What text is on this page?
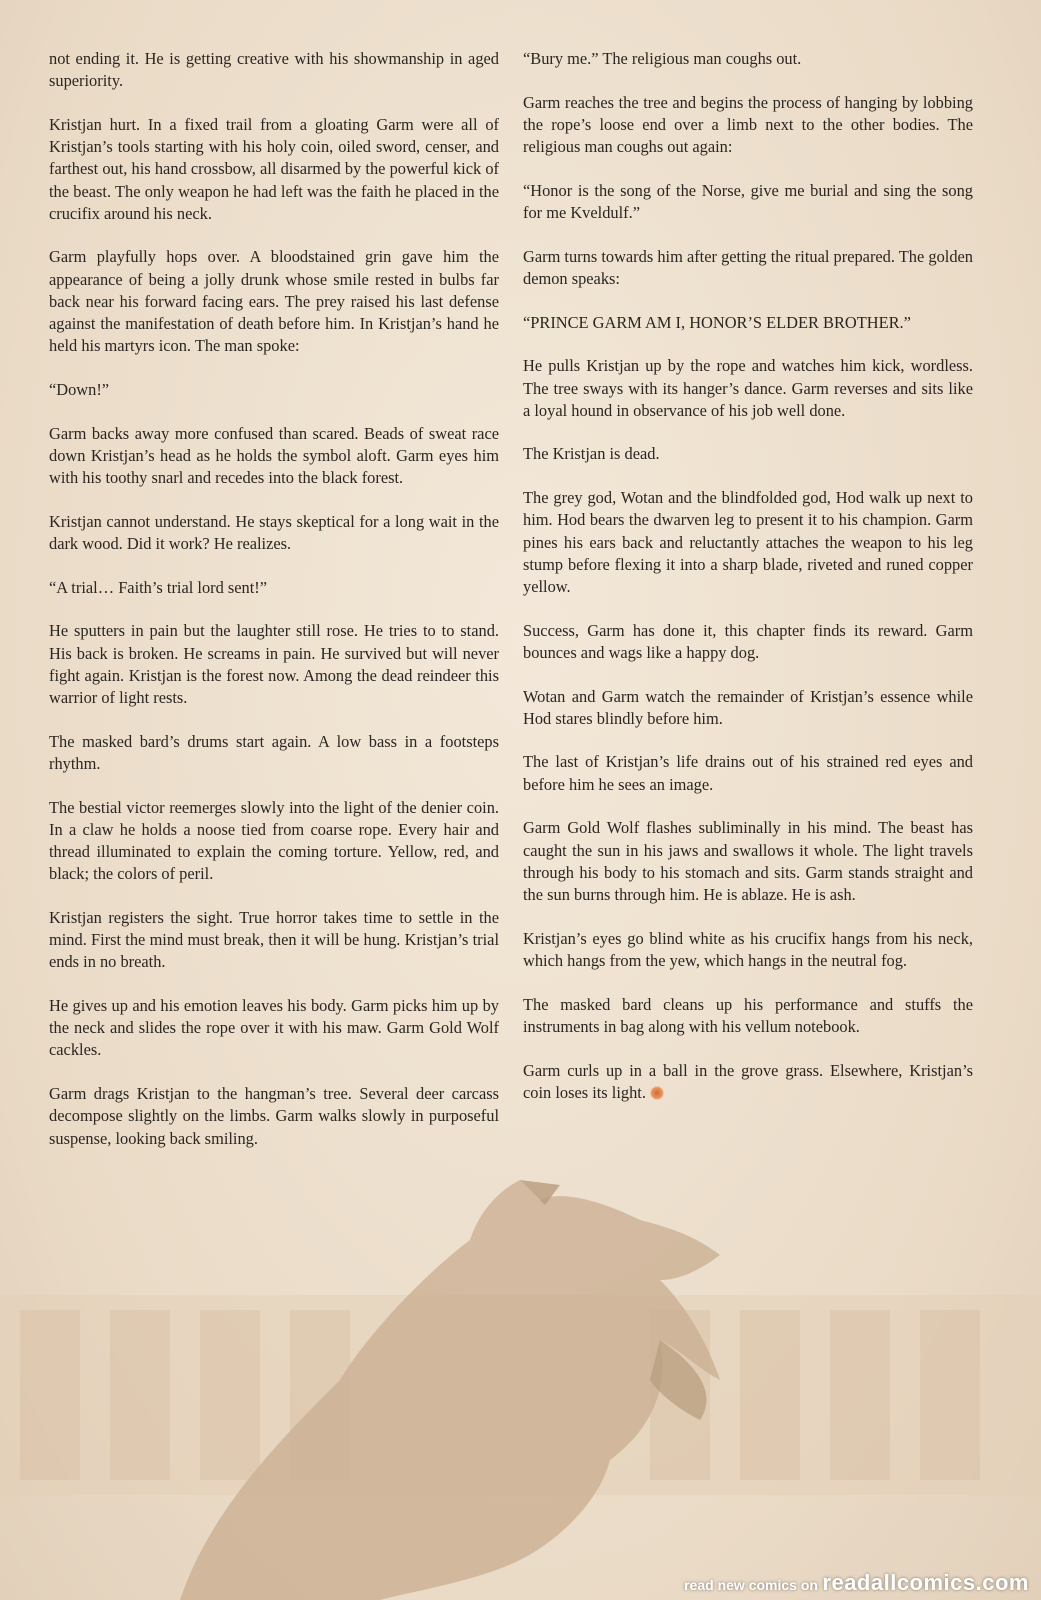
not ending it. He is getting creative with his showmanship in aged superiority.

Kristjan hurt. In a fixed trail from a gloating Garm were all of Kristjan’s tools starting with his holy coin, oiled sword, censer, and farthest out, his hand crossbow, all disarmed by the powerful kick of the beast. The only weapon he had left was the faith he placed in the crucifix around his neck.

Garm playfully hops over. A bloodstained grin gave him the appearance of being a jolly drunk whose smile rested in bulbs far back near his forward facing ears. The prey raised his last defense against the manifestation of death before him. In Kristjan’s hand he held his martyrs icon. The man spoke:

“Down!”

Garm backs away more confused than scared. Beads of sweat race down Kristjan’s head as he holds the symbol aloft. Garm eyes him with his toothy snarl and recedes into the black forest.

Kristjan cannot understand. He stays skeptical for a long wait in the dark wood. Did it work? He realizes.

“A trial… Faith’s trial lord sent!”

He sputters in pain but the laughter still rose. He tries to to stand. His back is broken. He screams in pain. He survived but will never fight again. Kristjan is the forest now. Among the dead reindeer this warrior of light rests.

The masked bard’s drums start again. A low bass in a footsteps rhythm.

The bestial victor reemerges slowly into the light of the denier coin. In a claw he holds a noose tied from coarse rope. Every hair and thread illuminated to explain the coming torture. Yellow, red, and black; the colors of peril.

Kristjan registers the sight. True horror takes time to settle in the mind. First the mind must break, then it will be hung. Kristjan’s trial ends in no breath.

He gives up and his emotion leaves his body. Garm picks him up by the neck and slides the rope over it with his maw. Garm Gold Wolf cackles.

Garm drags Kristjan to the hangman’s tree. Several deer carcass decompose slightly on the limbs. Garm walks slowly in purposeful suspense, looking back smiling.

“Bury me.” The religious man coughs out.

Garm reaches the tree and begins the process of hanging by lobbing the rope’s loose end over a limb next to the other bodies. The religious man coughs out again:

“Honor is the song of the Norse, give me burial and sing the song for me Kveldulf.”

Garm turns towards him after getting the ritual prepared. The golden demon speaks:

“PRINCE GARM AM I, HONOR’S ELDER BROTHER.”

He pulls Kristjan up by the rope and watches him kick, wordless. The tree sways with its hanger’s dance. Garm reverses and sits like a loyal hound in observance of his job well done.

The Kristjan is dead.

The grey god, Wotan and the blindfolded god, Hod walk up next to him. Hod bears the dwarven leg to present it to his champion. Garm pines his ears back and reluctantly attaches the weapon to his leg stump before flexing it into a sharp blade, riveted and runed copper yellow.

Success, Garm has done it, this chapter finds its reward. Garm bounces and wags like a happy dog.

Wotan and Garm watch the remainder of Kristjan’s essence while Hod stares blindly before him.

The last of Kristjan’s life drains out of his strained red eyes and before him he sees an image.

Garm Gold Wolf flashes subliminally in his mind. The beast has caught the sun in his jaws and swallows it whole. The light travels through his body to his stomach and sits. Garm stands straight and the sun burns through him. He is ablaze. He is ash.

Kristjan’s eyes go blind white as his crucifix hangs from his neck, which hangs from the yew, which hangs in the neutral fog.

The masked bard cleans up his performance and stuffs the instruments in bag along with his vellum notebook.

Garm curls up in a ball in the grove grass. Elsewhere, Kristjan’s coin loses its light.

read new comics on readallcomics.com
